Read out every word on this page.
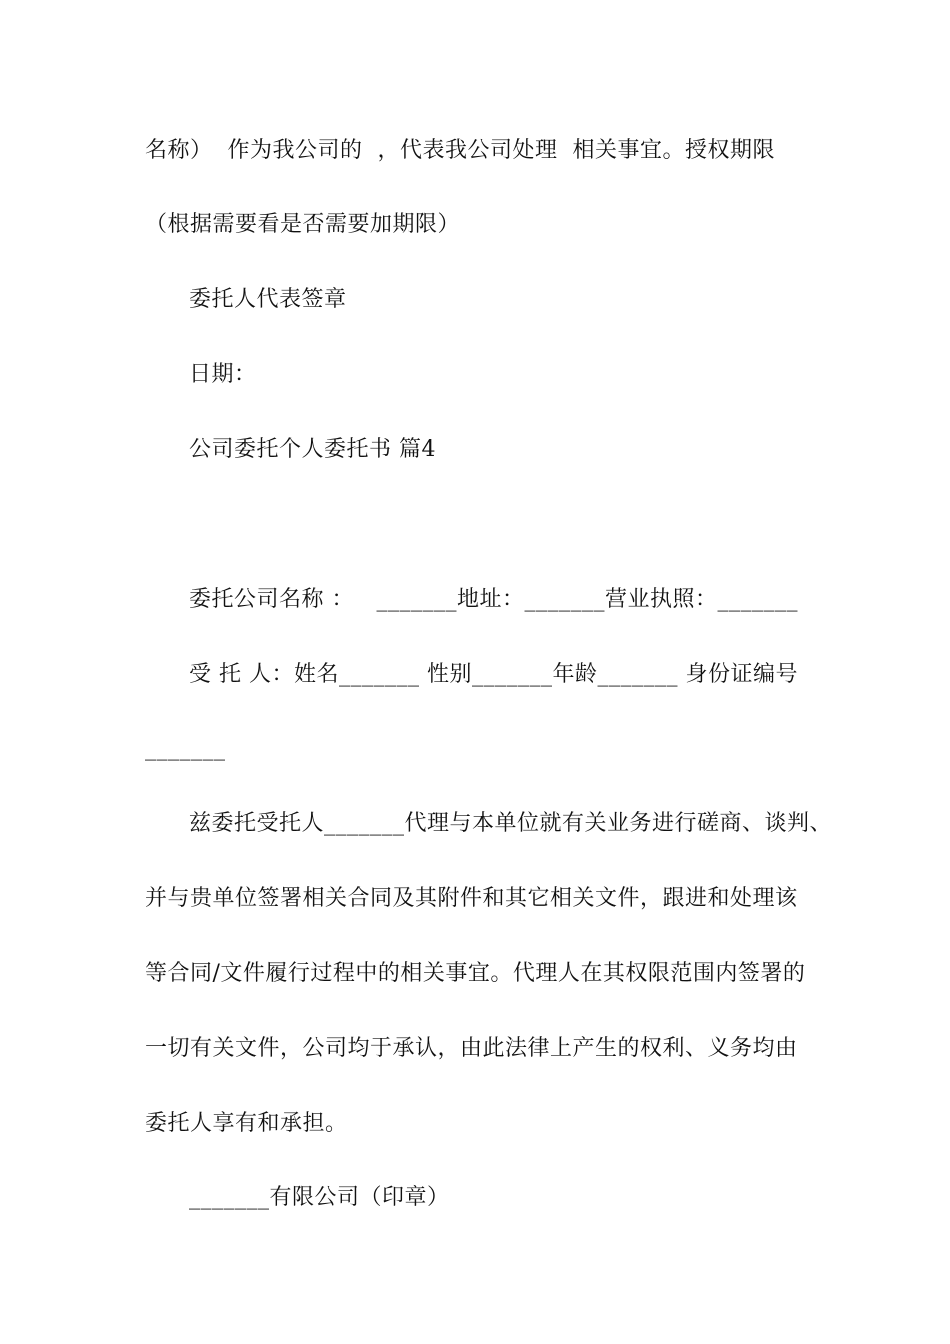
名称）  作为我公司的  ，代表我公司处理  相关事宜。授权期限
（根据需要看是否需要加期限）
委托人代表签章
日期：
公司委托个人委托书 篇4
委托公司名称 ：   _______地址：_______营业执照：_______
受 托 人：姓名_______ 性别_______年龄_______ 身份证编号
_______
兹委托受托人_______代理与本单位就有关业务进行磋商、谈判、
并与贵单位签署相关合同及其附件和其它相关文件，跟进和处理该
等合同/文件履行过程中的相关事宜。代理人在其权限范围内签署的
一切有关文件，公司均于承认，由此法律上产生的权利、义务均由
委托人享有和承担。
_______有限公司（印章）
